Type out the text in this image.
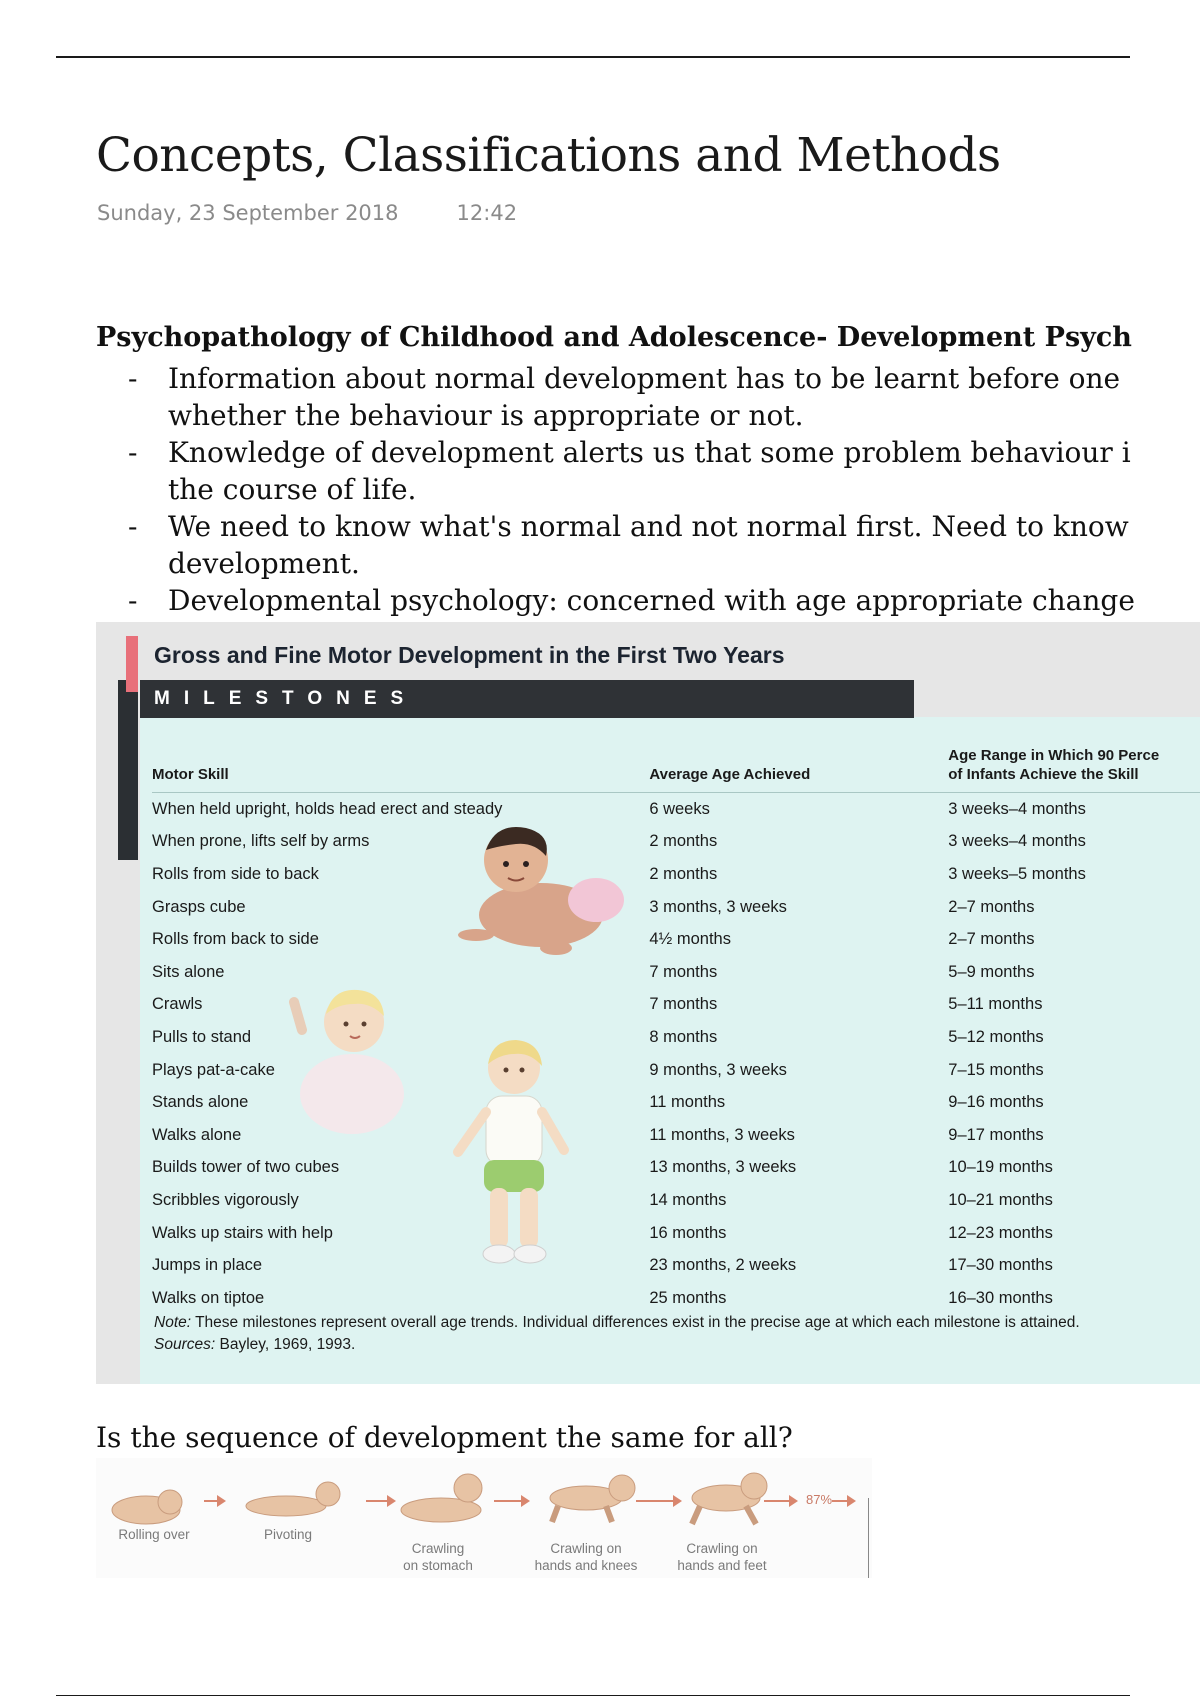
Concepts, Classifications and Methods
Sunday, 23 September 2018	12:42
Psychopathology of Childhood and Adolescence- Development Psych
- Information about normal development has to be learnt before one
whether the behaviour is appropriate or not.
- Knowledge of development alerts us that some problem behaviour i
the course of life.
- We need to know what's normal and not normal first. Need to know
development.
- Developmental psychology: concerned with age appropriate change
Gross and Fine Motor Development in the First Two Years
MILESTONES
Motor Skill	Average Age Achieved	Age Range in Which 90 Perce
of Infants Achieve the Skill
When held upright, holds head erect and steady	6 weeks	3 weeks–4 months
When prone, lifts self by arms	2 months	3 weeks–4 months
Rolls from side to back	2 months	3 weeks–5 months
Grasps cube	3 months, 3 weeks	2–7 months
Rolls from back to side	4½ months	2–7 months
Sits alone	7 months	5–9 months
Crawls	7 months	5–11 months
Pulls to stand	8 months	5–12 months
Plays pat-a-cake	9 months, 3 weeks	7–15 months
Stands alone	11 months	9–16 months
Walks alone	11 months, 3 weeks	9–17 months
Builds tower of two cubes	13 months, 3 weeks	10–19 months
Scribbles vigorously	14 months	10–21 months
Walks up stairs with help	16 months	12–23 months
Jumps in place	23 months, 2 weeks	17–30 months
Walks on tiptoe	25 months	16–30 months
Note: These milestones represent overall age trends. Individual differences exist in the precise age at which each milestone is attained.
Sources: Bayley, 1969, 1993.
Is the sequence of development the same for all?
87%
Rolling over	Pivoting
Crawling
on stomach
Crawling on
hands and knees
Crawling on
hands and feet
